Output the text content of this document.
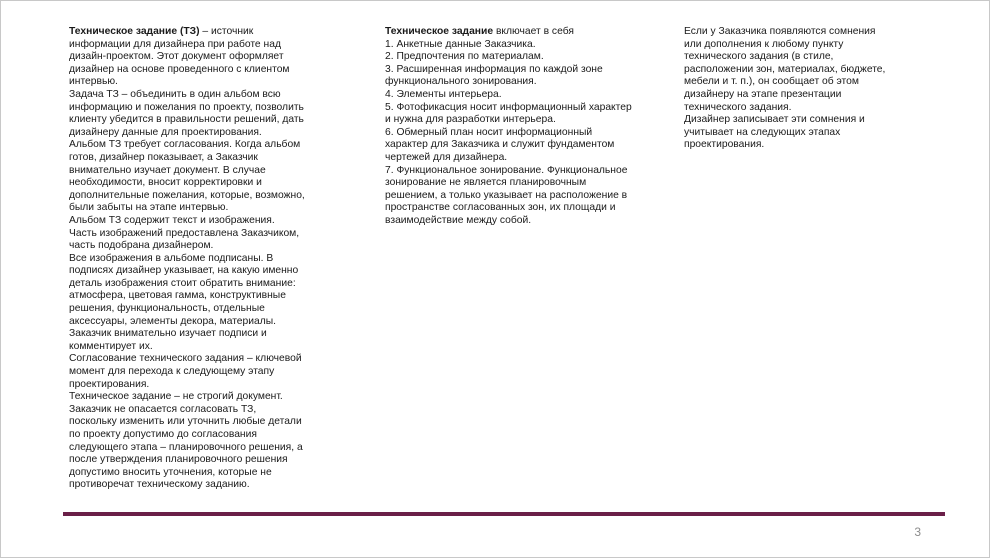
Техническое задание (ТЗ) – источник информации для дизайнера при работе над дизайн-проектом. Этот документ оформляет дизайнер на основе проведенного с клиентом интервью.

Задача ТЗ – объединить в один альбом всю информацию и пожелания по проекту, позволить клиенту убедится в правильности решений, дать дизайнеру данные для проектирования.

Альбом ТЗ требует согласования. Когда альбом готов, дизайнер показывает, а Заказчик внимательно изучает документ. В случае необходимости, вносит корректировки и дополнительные пожелания, которые, возможно, были забыты на этапе интервью.

Альбом ТЗ содержит текст и изображения. Часть изображений предоставлена Заказчиком, часть подобрана дизайнером.

Все изображения в альбоме подписаны. В подписях дизайнер указывает, на какую именно деталь изображения стоит обратить внимание: атмосфера, цветовая гамма, конструктивные решения, функциональность, отдельные аксессуары, элементы декора, материалы. Заказчик внимательно изучает подписи и комментирует их.

Согласование технического задания – ключевой момент для перехода к следующему этапу проектирования.

Техническое задание – не строгий документ. Заказчик не опасается согласовать ТЗ, поскольку изменить или уточнить любые детали по проекту допустимо до согласования следующего этапа – планировочного решения, а после утверждения планировочного решения допустимо вносить уточнения, которые не противоречат техническому заданию.

Техническое задание включает в себя

1. Анкетные данные Заказчика.

2. Предпочтения по материалам.

3. Расширенная информация по каждой зоне функционального зонирования.

4. Элементы интерьера.

5. Фотофикасция носит информационный характер и нужна для разработки интерьера.

6. Обмерный план носит информационный характер для Заказчика и служит фундаментом чертежей для дизайнера.

7. Функциональное зонирование. Функциональное зонирование не является планировочным решением, а только указывает на расположение в пространстве согласованных зон, их площади и взаимодействие между собой.

Если у Заказчика появляются сомнения или дополнения к любому пункту технического задания (в стиле, расположении зон, материалах, бюджете, мебели и т. п.), он сообщает об этом дизайнеру на этапе презентации технического задания.

Дизайнер записывает эти сомнения и учитывает на следующих этапах проектирования.

3
